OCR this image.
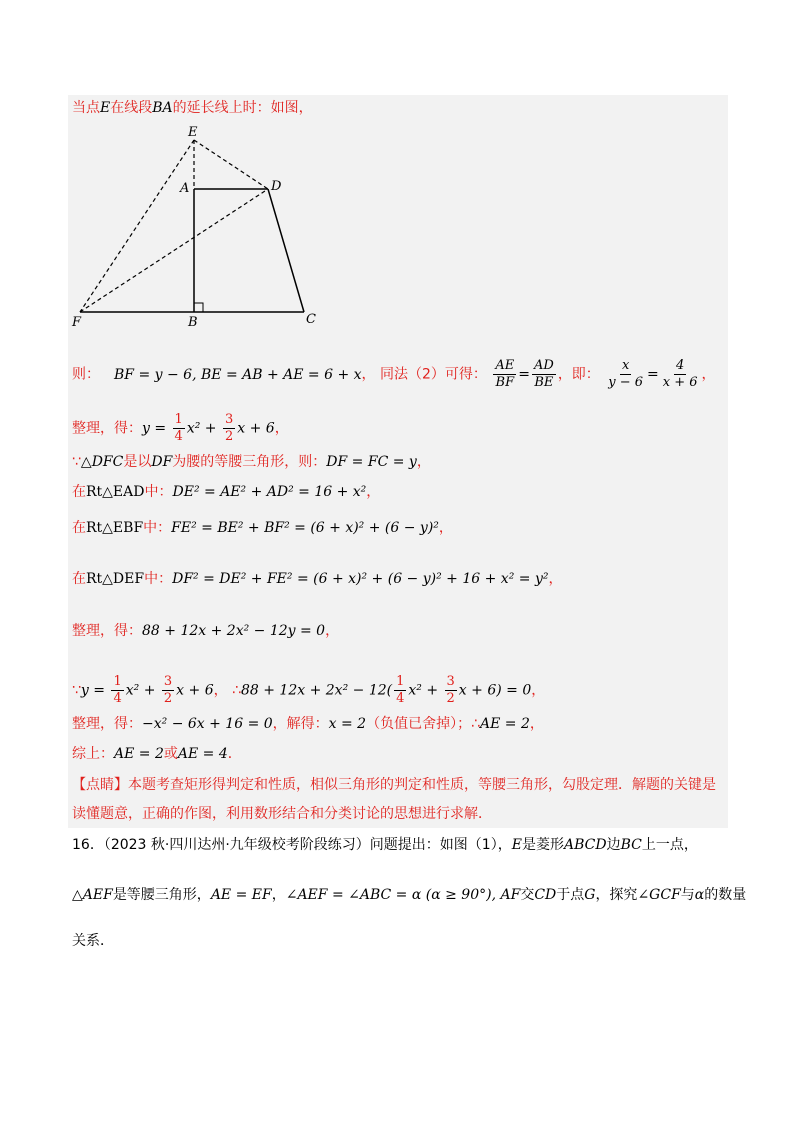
当点E在线段BA的延长线上时：如图，
E
A	D
F	B	C
则： BF = y − 6, BE = AB + AE = 6 + x， 同法（2）可得： $\frac{AE}{BF} = \frac{AD}{BE}$ ，即： $\frac{x}{y - 6} = \frac{4}{x + 6}$ ，
整理，得：$y = \frac{1}{4} x^2 + \frac{3}{2}$ x + 6，
∵△DFC是以DF为腰的等腰三角形，则：DF = FC = y，
在Rt△EAD中：DE² = AE² + AD² = 16 + x²，
在Rt△EBF中：FE² = BE² + BF² = (6 + x)² + (6 − y)²，
在Rt△DEF中：DF² = DE² + FE² = (6 + x)² + (6 − y)² + 16 + x² = y²，
整理，得：88 + 12x + 2x² − 12y = 0，
∵y = $\frac{1}{4} x^2 + \frac{3}{2}$ x + 6， ∴88 + $12x + 2x^2 - 12( \frac{1}{4} x^2 + \frac{3}{2}$ x + 6) = 0，
整理，得：−x² − 6x + 16 = 0，解得：x = 2（负值已舍掉）；∴AE = 2，
综上：AE = 2或AE = 4．
【点睛】本题考查矩形得判定和性质，相似三角形的判定和性质，等腰三角形，勾股定理．解题的关键是
读懂题意，正确的作图，利用数形结合和分类讨论的思想进行求解．
16．（2023 秋·四川达州·九年级校考阶段练习）问题提出：如图（1），E是菱形ABCD边BC上一点，
△AEF是等腰三角形，AE = EF，∠AEF = ∠ABC = α (α ≥ 90°), AF交CD于点G，探究∠GCF与α的数量
关系．
